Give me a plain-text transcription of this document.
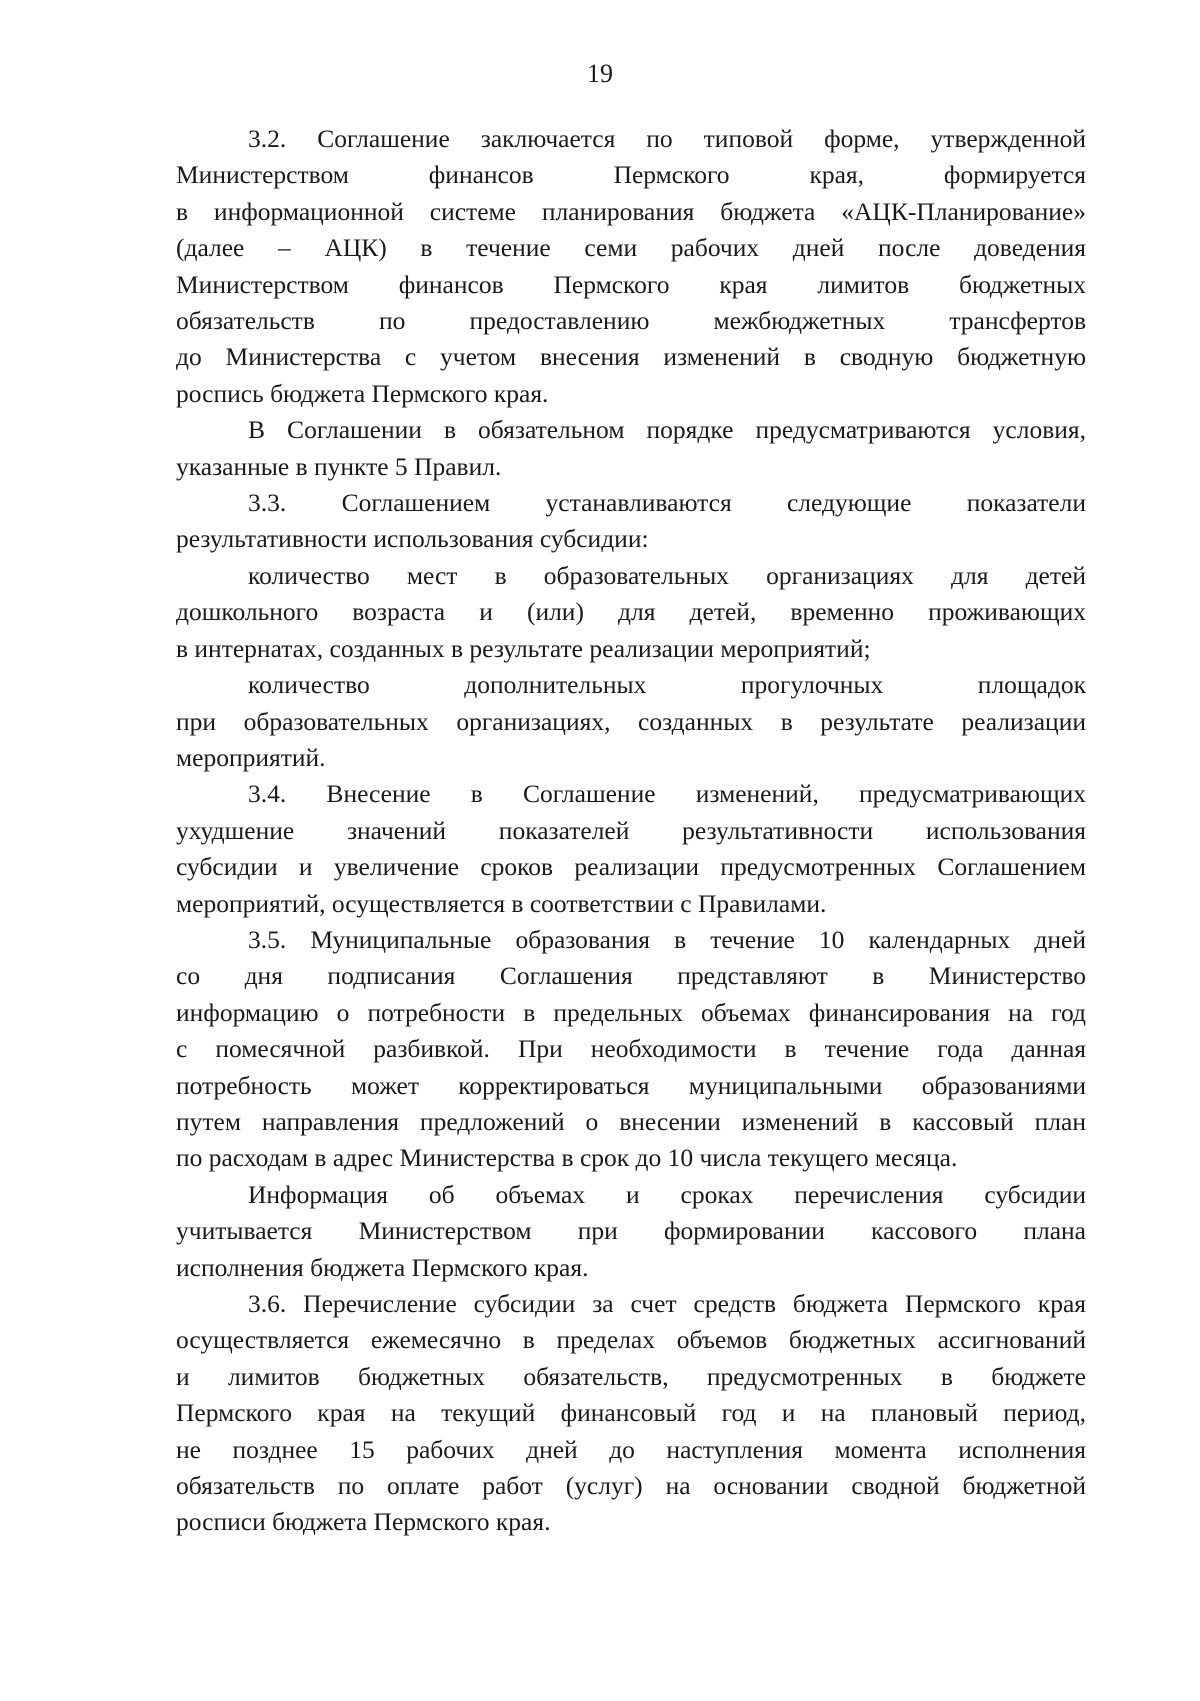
19
3.2. Соглашение заключается по типовой форме, утвержденной
Министерством финансов Пермского края, формируется
в информационной системе планирования бюджета «АЦК-Планирование»
(далее – АЦК) в течение семи рабочих дней после доведения
Министерством финансов Пермского края лимитов бюджетных
обязательств по предоставлению межбюджетных трансфертов
до Министерства с учетом внесения изменений в сводную бюджетную
роспись бюджета Пермского края.
В Соглашении в обязательном порядке предусматриваются условия,
указанные в пункте 5 Правил.
3.3. Соглашением устанавливаются следующие показатели
результативности использования субсидии:
количество мест в образовательных организациях для детей
дошкольного возраста и (или) для детей, временно проживающих
в интернатах, созданных в результате реализации мероприятий;
количество дополнительных прогулочных площадок
при образовательных организациях, созданных в результате реализации
мероприятий.
3.4. Внесение в Соглашение изменений, предусматривающих
ухудшение значений показателей результативности использования
субсидии и увеличение сроков реализации предусмотренных Соглашением
мероприятий, осуществляется в соответствии с Правилами.
3.5. Муниципальные образования в течение 10 календарных дней
со дня подписания Соглашения представляют в Министерство
информацию о потребности в предельных объемах финансирования на год
с помесячной разбивкой. При необходимости в течение года данная
потребность может корректироваться муниципальными образованиями
путем направления предложений о внесении изменений в кассовый план
по расходам в адрес Министерства в срок до 10 числа текущего месяца.
Информация об объемах и сроках перечисления субсидии
учитывается Министерством при формировании кассового плана
исполнения бюджета Пермского края.
3.6. Перечисление субсидии за счет средств бюджета Пермского края
осуществляется ежемесячно в пределах объемов бюджетных ассигнований
и лимитов бюджетных обязательств, предусмотренных в бюджете
Пермского края на текущий финансовый год и на плановый период,
не позднее 15 рабочих дней до наступления момента исполнения
обязательств по оплате работ (услуг) на основании сводной бюджетной
росписи бюджета Пермского края.
